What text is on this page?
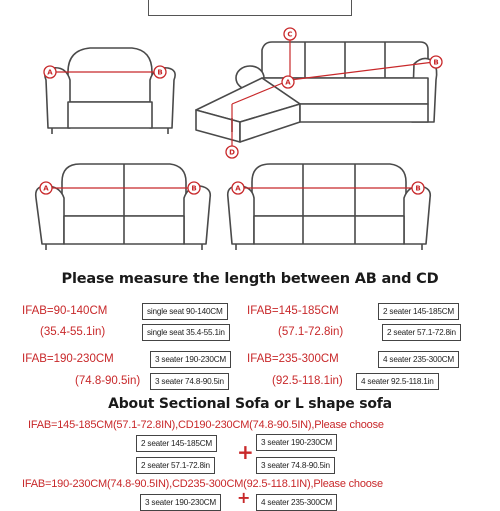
A	B
C
A
B
D
A	B	A	B
Please measure the length between AB and CD
IFAB=90-140CM	single seat 90-140CM	IFAB=145-185CM	2 seater 145-185CM
(35.4-55.1in)	single seat 35.4-55.1in	(57.1-72.8in)	2 seater 57.1-72.8in
IFAB=190-230CM	3 seater 190-230CM	IFAB=235-300CM	4 seater 235-300CM
(74.8-90.5in)	3 seater 74.8-90.5in	(92.5-118.1in)	4 seater 92.5-118.1in
About Sectional Sofa or L shape sofa
IFAB=145-185CM(57.1-72.8IN),CD190-230CM(74.8-90.5IN),Please choose
2 seater 145-185CM
2 seater 57.1-72.8in
+ 3 seater 190-230CM
3 seater 74.8-90.5in
IFAB=190-230CM(74.8-90.5IN),CD235-300CM(92.5-118.1IN),Please choose
3 seater 190-230CM	+	4 seater 235-300CM
